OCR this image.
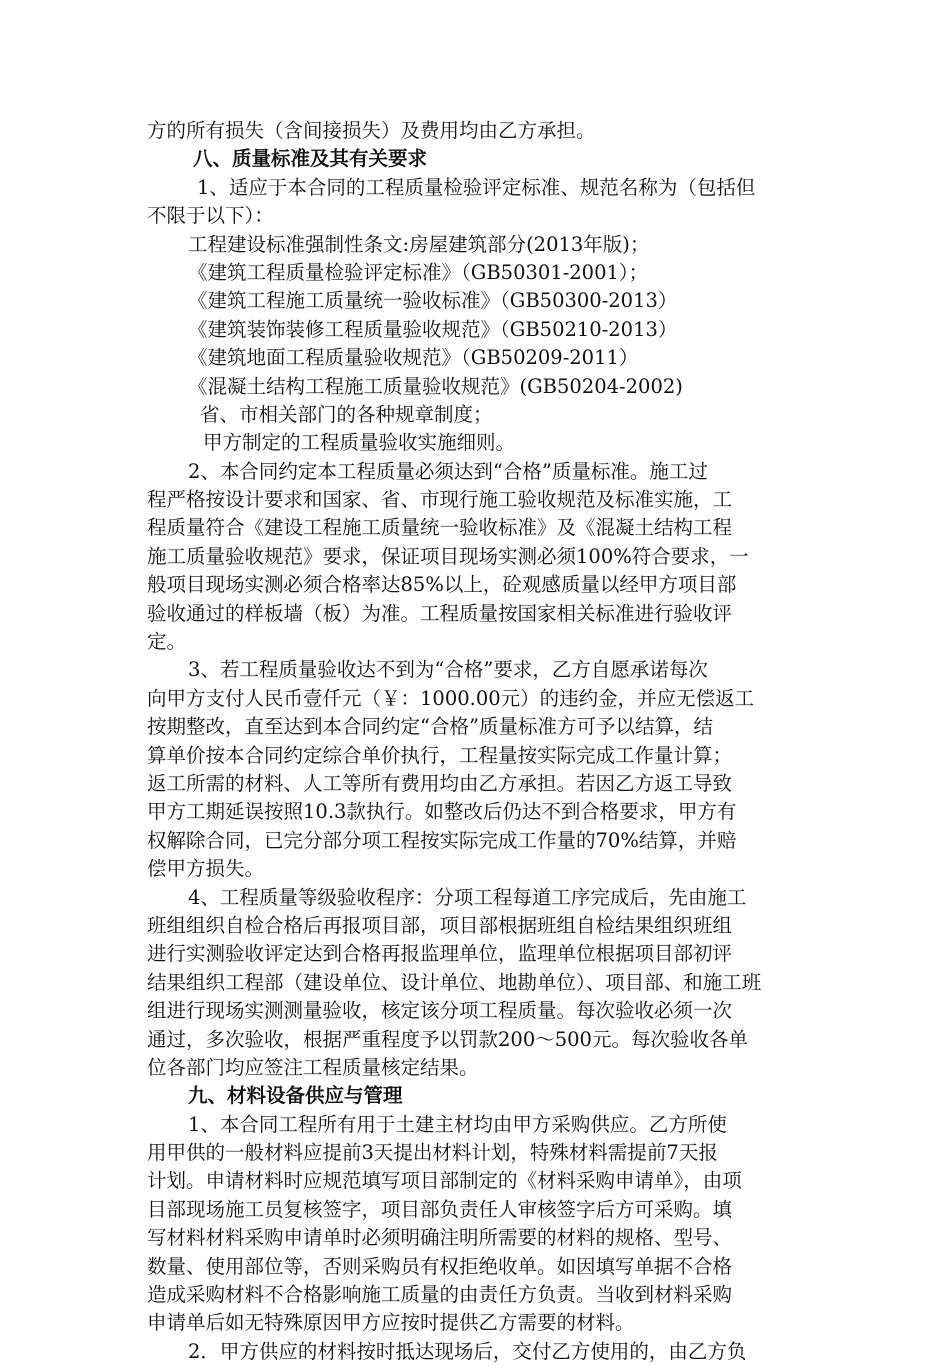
方的所有损失（含间接损失）及费用均由乙方承担。
八、质量标准及其有关要求
1、适应于本合同的工程质量检验评定标准、规范名称为（包括但
不限于以下）：
工程建设标准强制性条文:房屋建筑部分(2013年版)；
《建筑工程质量检验评定标准》（GB50301-2001）；
《建筑工程施工质量统一验收标准》（GB50300-2013）
《建筑装饰装修工程质量验收规范》（GB50210-2013）
《建筑地面工程质量验收规范》（GB50209-2011）
《混凝土结构工程施工质量验收规范》(GB50204-2002)
省、市相关部门的各种规章制度；
甲方制定的工程质量验收实施细则。
2、本合同约定本工程质量必须达到“合格”质量标准。施工过
程严格按设计要求和国家、省、市现行施工验收规范及标准实施，工
程质量符合《建设工程施工质量统一验收标准》及《混凝土结构工程
施工质量验收规范》要求，保证项目现场实测必须100%符合要求，一
般项目现场实测必须合格率达85%以上，砼观感质量以经甲方项目部
验收通过的样板墙（板）为准。工程质量按国家相关标准进行验收评
定。
3、若工程质量验收达不到为“合格”要求，乙方自愿承诺每次
向甲方支付人民币壹仟元（￥：1000.00元）的违约金，并应无偿返工
按期整改，直至达到本合同约定“合格”质量标准方可予以结算，结
算单价按本合同约定综合单价执行，工程量按实际完成工作量计算；
返工所需的材料、人工等所有费用均由乙方承担。若因乙方返工导致
甲方工期延误按照10.3款执行。如整改后仍达不到合格要求，甲方有
权解除合同，已完分部分项工程按实际完成工作量的70%结算，并赔
偿甲方损失。
4、工程质量等级验收程序：分项工程每道工序完成后，先由施工
班组组织自检合格后再报项目部，项目部根据班组自检结果组织班组
进行实测验收评定达到合格再报监理单位，监理单位根据项目部初评
结果组织工程部（建设单位、设计单位、地勘单位）、项目部、和施工班
组进行现场实测测量验收，核定该分项工程质量。每次验收必须一次
通过，多次验收，根据严重程度予以罚款200～500元。每次验收各单
位各部门均应签注工程质量核定结果。
九、材料设备供应与管理
1、本合同工程所有用于土建主材均由甲方采购供应。乙方所使
用甲供的一般材料应提前3天提出材料计划，特殊材料需提前7天报
计划。申请材料时应规范填写项目部制定的《材料采购申请单》，由项
目部现场施工员复核签字，项目部负责任人审核签字后方可采购。填
写材料材料采购申请单时必须明确注明所需要的材料的规格、型号、
数量、使用部位等，否则采购员有权拒绝收单。如因填写单据不合格
造成采购材料不合格影响施工质量的由责任方负责。当收到材料采购
申请单后如无特殊原因甲方应按时提供乙方需要的材料。
2．甲方供应的材料按时抵达现场后，交付乙方使用的，由乙方负
